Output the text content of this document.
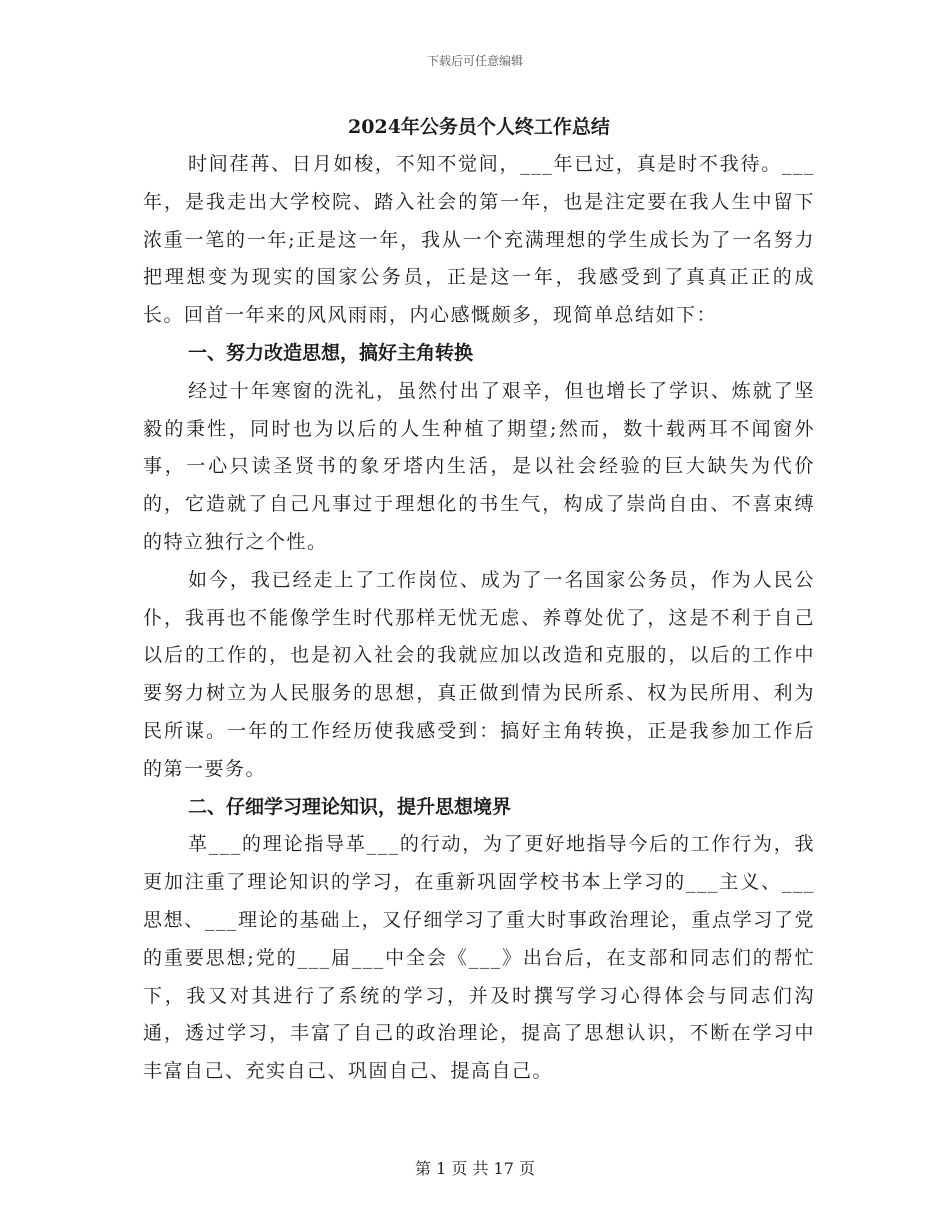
下载后可任意编辑
2024年公务员个人终工作总结

时间荏苒、日月如梭，不知不觉间，___年已过，真是时不我待。___年，是我走出大学校院、踏入社会的第一年，也是注定要在我人生中留下浓重一笔的一年;正是这一年，我从一个充满理想的学生成长为了一名努力把理想变为现实的国家公务员，正是这一年，我感受到了真真正正的成长。回首一年来的风风雨雨，内心感慨颇多，现简单总结如下：

一、努力改造思想，搞好主角转换

经过十年寒窗的洗礼，虽然付出了艰辛，但也增长了学识、炼就了坚毅的秉性，同时也为以后的人生种植了期望;然而，数十载两耳不闻窗外事，一心只读圣贤书的象牙塔内生活，是以社会经验的巨大缺失为代价的，它造就了自己凡事过于理想化的书生气，构成了崇尚自由、不喜束缚的特立独行之个性。

如今，我已经走上了工作岗位、成为了一名国家公务员，作为人民公仆，我再也不能像学生时代那样无忧无虑、养尊处优了，这是不利于自己以后的工作的，也是初入社会的我就应加以改造和克服的，以后的工作中要努力树立为人民服务的思想，真正做到情为民所系、权为民所用、利为民所谋。一年的工作经历使我感受到：搞好主角转换，正是我参加工作后的第一要务。

二、仔细学习理论知识，提升思想境界

革___的理论指导革___的行动，为了更好地指导今后的工作行为，我更加注重了理论知识的学习，在重新巩固学校书本上学习的___主义、___思想、___理论的基础上，又仔细学习了重大时事政治理论，重点学习了党的重要思想;党的___届___中全会《___》出台后，在支部和同志们的帮忙下，我又对其进行了系统的学习，并及时撰写学习心得体会与同志们沟通，透过学习，丰富了自己的政治理论，提高了思想认识，不断在学习中丰富自己、充实自己、巩固自己、提高自己。

第 1 页 共 17 页
